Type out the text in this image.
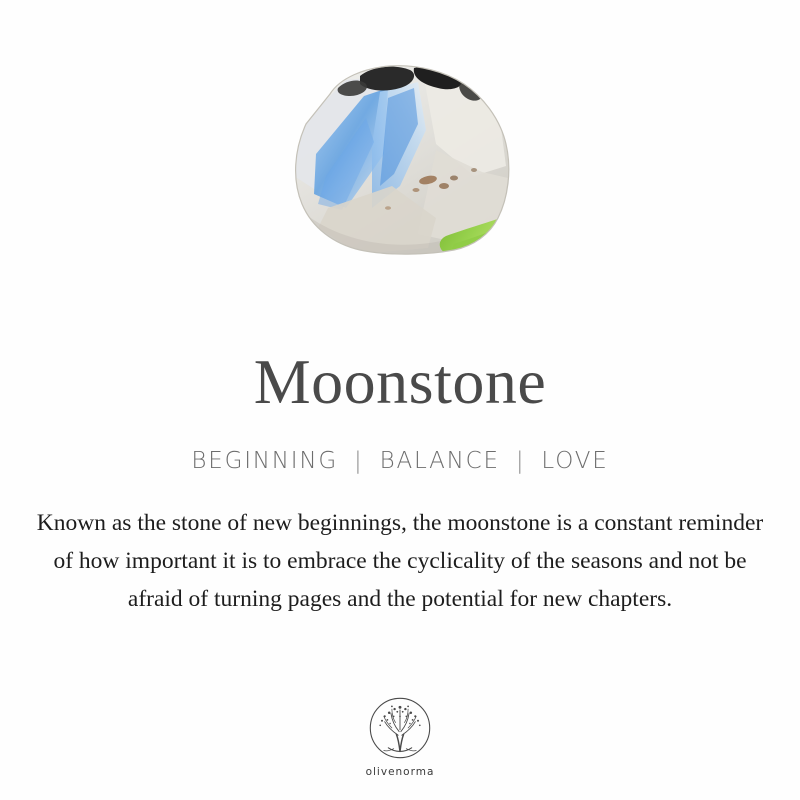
Moonstone
BEGINNING | BALANCE | LOVE
Known as the stone of new beginnings, the moonstone is a constant reminder of how important it is to embrace the cyclicality of the seasons and not be afraid of turning pages and the potential for new chapters.
olivenorma
